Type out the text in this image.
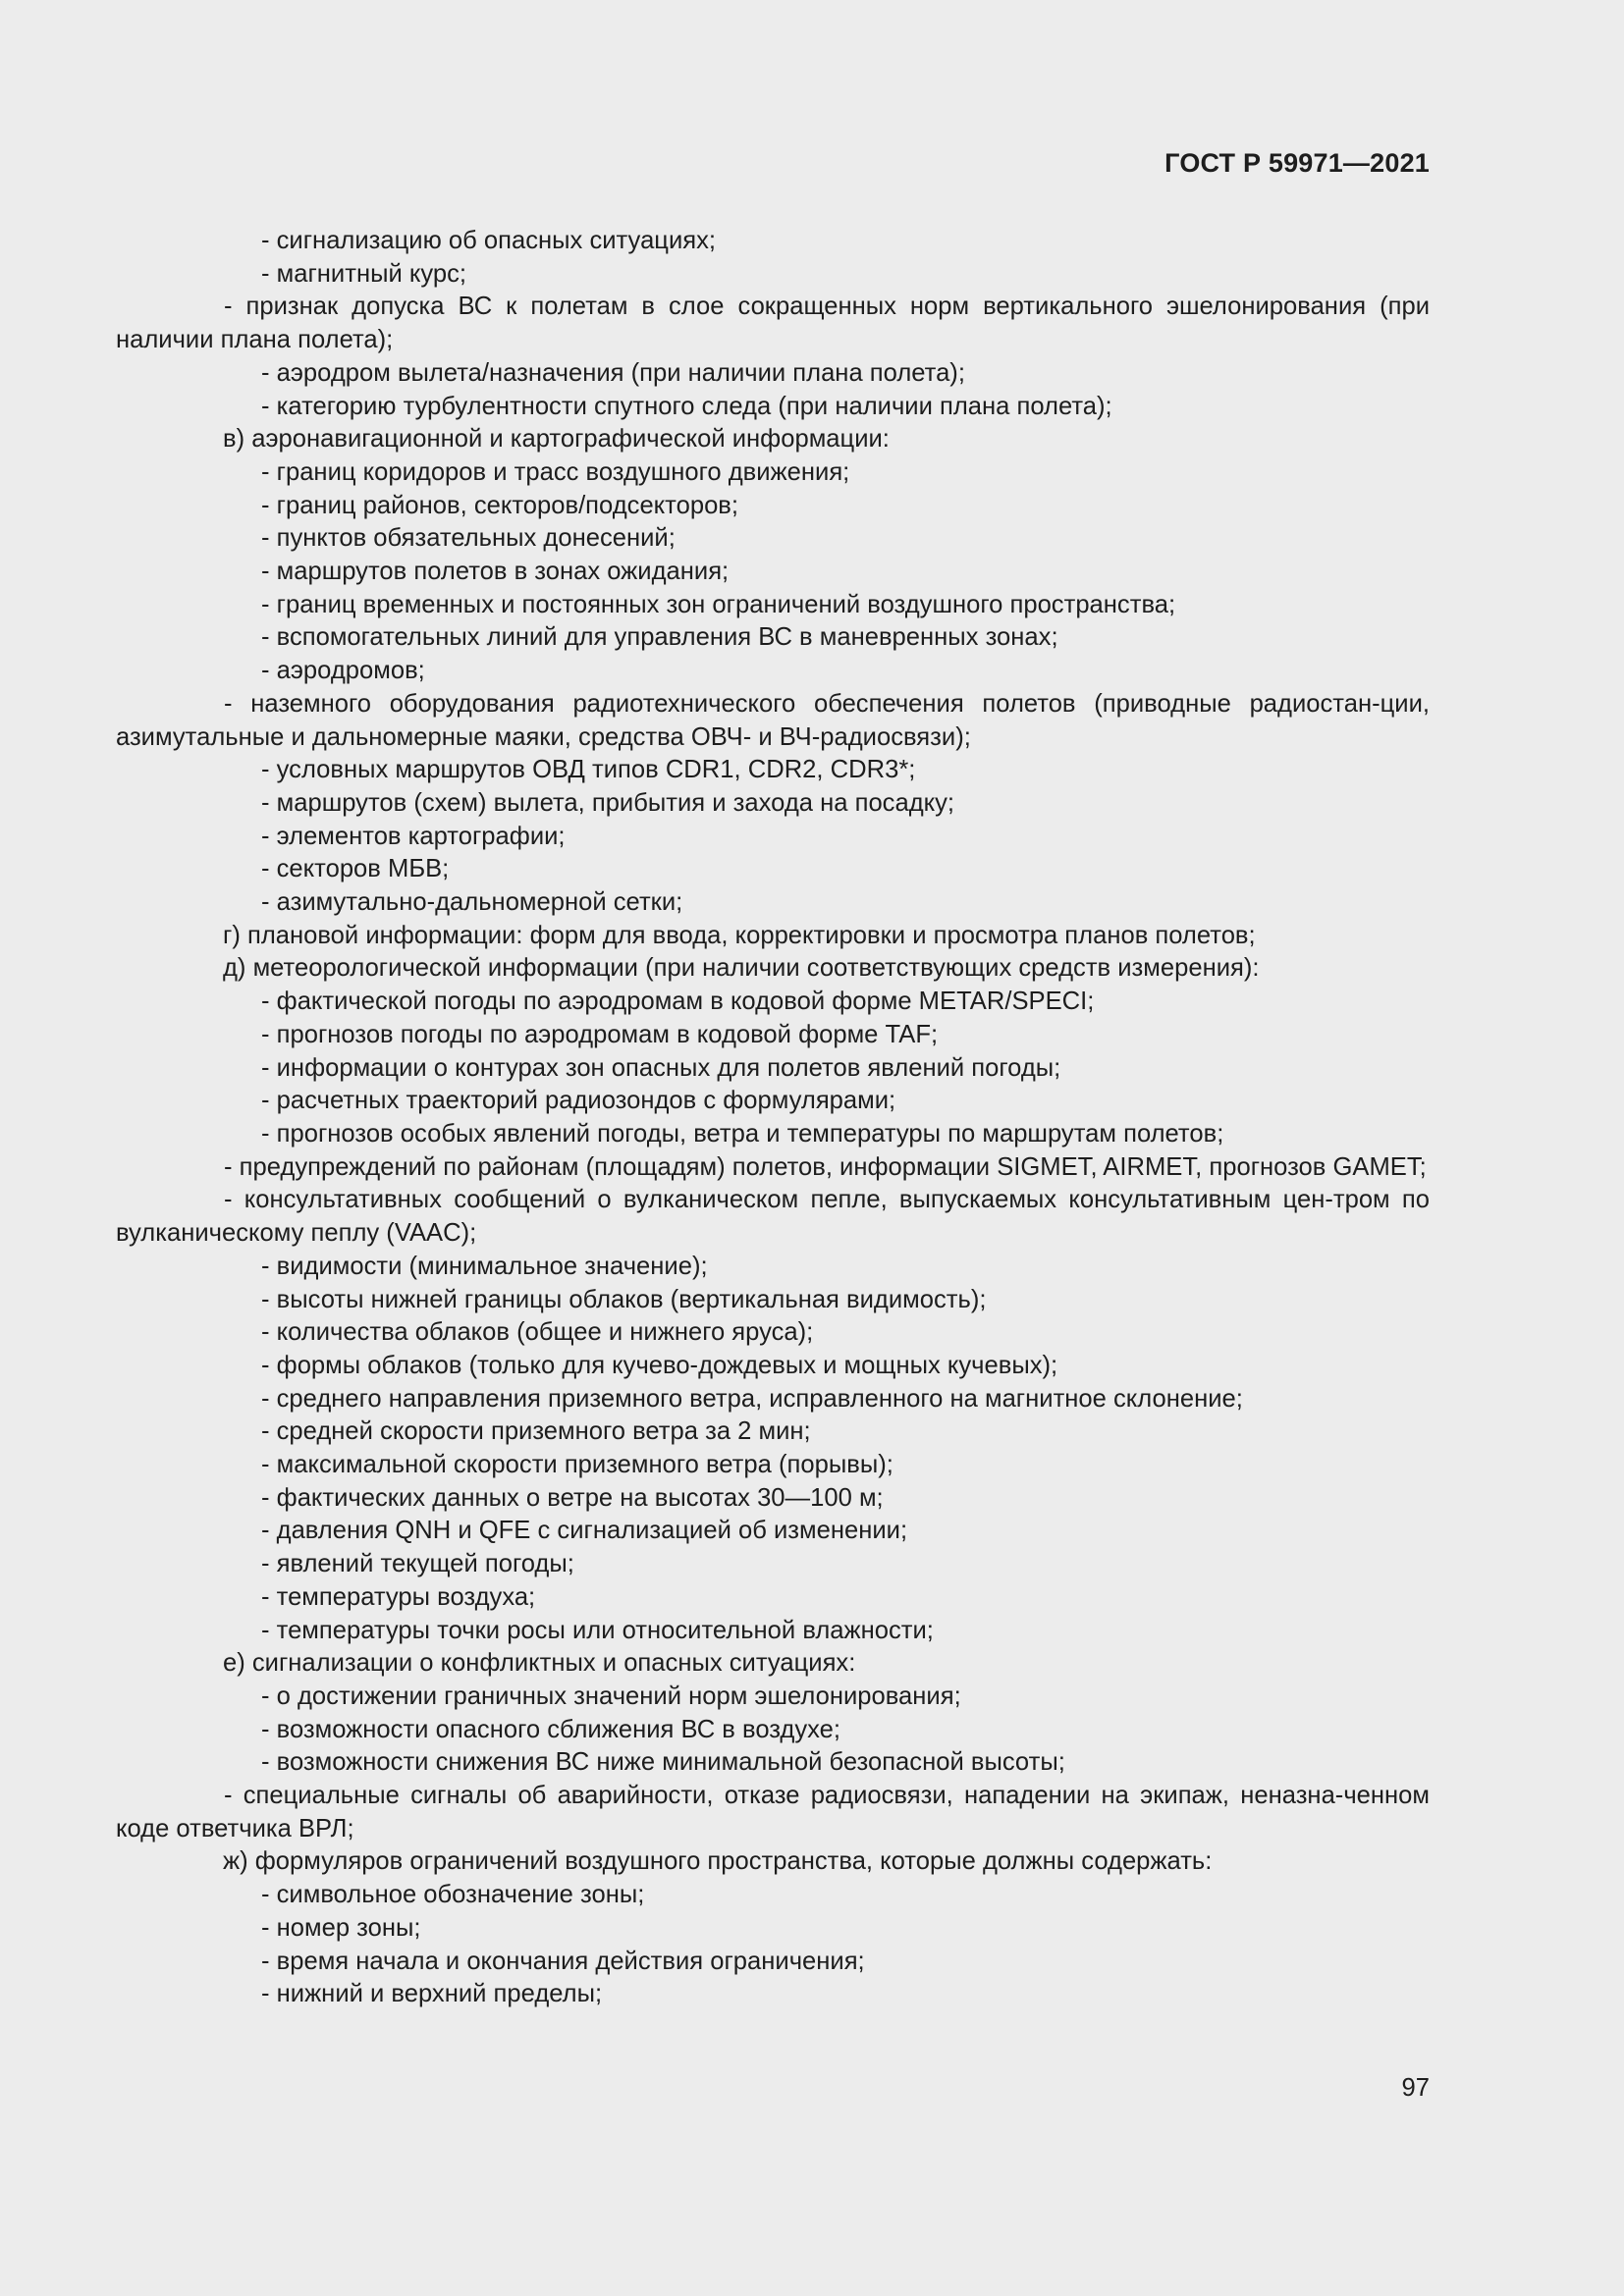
ГОСТ Р 59971—2021

- сигнализацию об опасных ситуациях;

- магнитный курс;

- признак допуска ВС к полетам в слое сокращенных норм вертикального эшелонирования (при наличии плана полета);

- аэродром вылета/назначения (при наличии плана полета);

- категорию турбулентности спутного следа (при наличии плана полета);

в) аэронавигационной и картографической информации:

- границ коридоров и трасс воздушного движения;

- границ районов, секторов/подсекторов;

- пунктов обязательных донесений;

- маршрутов полетов в зонах ожидания;

- границ временных и постоянных зон ограничений воздушного пространства;

- вспомогательных линий для управления ВС в маневренных зонах;

- аэродромов;

- наземного оборудования радиотехнического обеспечения полетов (приводные радиостан-ции, азимутальные и дальномерные маяки, средства ОВЧ- и ВЧ-радиосвязи);

- условных маршрутов ОВД типов CDR1, CDR2, CDR3*;

- маршрутов (схем) вылета, прибытия и захода на посадку;

- элементов картографии;

- секторов МБВ;

- азимутально-дальномерной сетки;

г) плановой информации: форм для ввода, корректировки и просмотра планов полетов;

д) метеорологической информации (при наличии соответствующих средств измерения):

- фактической погоды по аэродромам в кодовой форме METAR/SPECI;

- прогнозов погоды по аэродромам в кодовой форме TAF;

- информации о контурах зон опасных для полетов явлений погоды;

- расчетных траекторий радиозондов с формулярами;

- прогнозов особых явлений погоды, ветра и температуры по маршрутам полетов;

- предупреждений по районам (площадям) полетов, информации SIGMET, AIRMET, прогнозов GAMET;

- консультативных сообщений о вулканическом пепле, выпускаемых консультативным цен-тром по вулканическому пеплу (VAAC);

- видимости (минимальное значение);

- высоты нижней границы облаков (вертикальная видимость);

- количества облаков (общее и нижнего яруса);

- формы облаков (только для кучево-дождевых и мощных кучевых);

- среднего направления приземного ветра, исправленного на магнитное склонение;

- средней скорости приземного ветра за 2 мин;

- максимальной скорости приземного ветра (порывы);

- фактических данных о ветре на высотах 30—100 м;

- давления QNH и QFE с сигнализацией об изменении;

- явлений текущей погоды;

- температуры воздуха;

- температуры точки росы или относительной влажности;

е) сигнализации о конфликтных и опасных ситуациях:

- о достижении граничных значений норм эшелонирования;

- возможности опасного сближения ВС в воздухе;

- возможности снижения ВС ниже минимальной безопасной высоты;

- специальные сигналы об аварийности, отказе радиосвязи, нападении на экипаж, неназна-ченном коде ответчика ВРЛ;

ж) формуляров ограничений воздушного пространства, которые должны содержать:

- символьное обозначение зоны;

- номер зоны;

- время начала и окончания действия ограничения;

- нижний и верхний пределы;

97
